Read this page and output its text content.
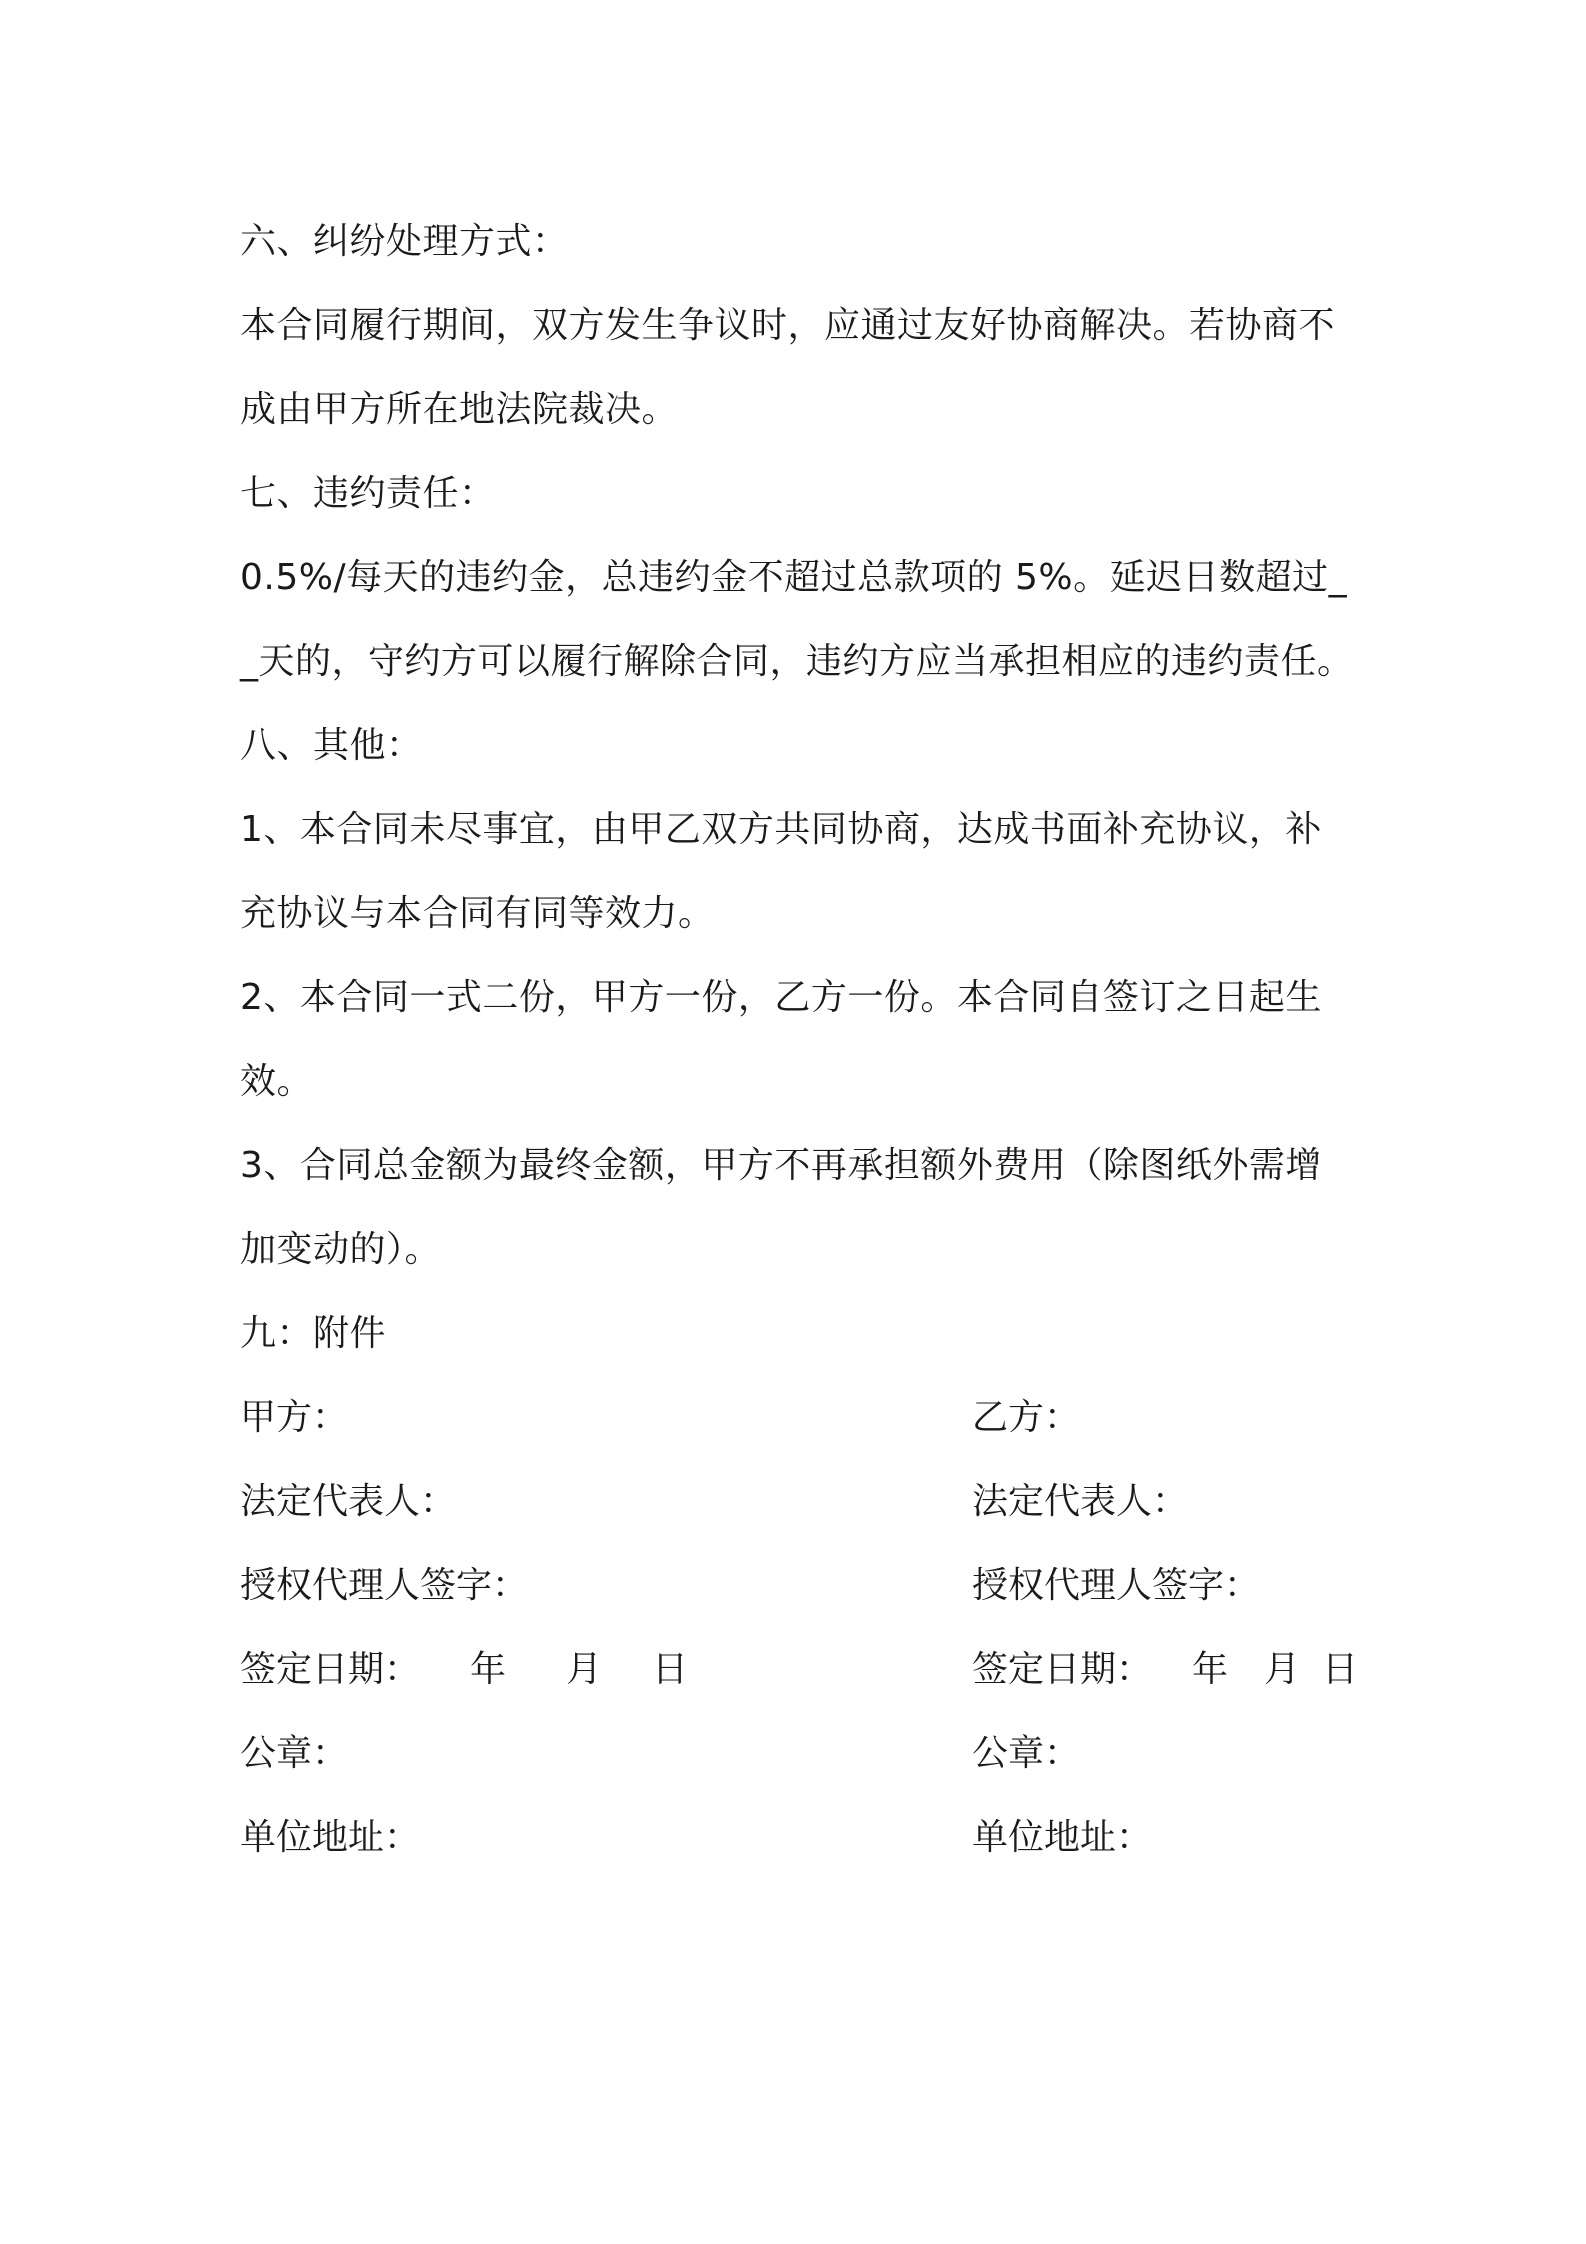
六、纠纷处理方式：
本合同履行期间，双方发生争议时，应通过友好协商解决。若协商不
成由甲方所在地法院裁决。
七、违约责任：
0.5%/每天的违约金，总违约金不超过总款项的 5%。延迟日数超过_
_天的，守约方可以履行解除合同，违约方应当承担相应的违约责任。
八、其他：
1、本合同未尽事宜，由甲乙双方共同协商，达成书面补充协议，补
充协议与本合同有同等效力。
2、本合同一式二份，甲方一份，乙方一份。本合同自签订之日起生
效。
3、合同总金额为最终金额，甲方不再承担额外费用（除图纸外需增
加变动的）。
九：附件
甲方：	乙方：
法定代表人：	法定代表人：
授权代理人签字：	授权代理人签字：
签定日期： 年 月 日	签定日期： 年 月 日
公章：	公章：
单位地址：	单位地址：
